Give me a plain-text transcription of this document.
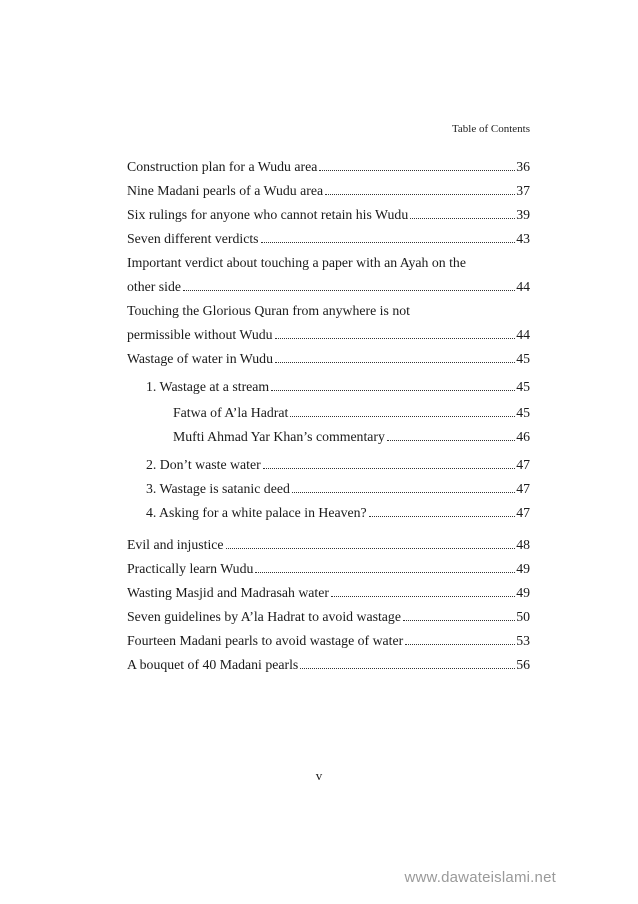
Table of Contents
Construction plan for a Wudu area	36
Nine Madani pearls of a Wudu area	37
Six rulings for anyone who cannot retain his Wudu	39
Seven different verdicts	43
Important verdict about touching a paper with an Ayah on the
other side	44
Touching the Glorious Quran from anywhere is not
permissible without Wudu	44
Wastage of water in Wudu	45
1. Wastage at a stream	45
Fatwa of A’la Hadrat	45
Mufti Ahmad Yar Khan’s commentary	46
2. Don’t waste water	47
3. Wastage is satanic deed	47
4. Asking for a white palace in Heaven?	47
Evil and injustice	48
Practically learn Wudu	49
Wasting Masjid and Madrasah water	49
Seven guidelines by A’la Hadrat to avoid wastage	50
Fourteen Madani pearls to avoid wastage of water	53
A bouquet of 40 Madani pearls	56
v
www.dawateislami.net
